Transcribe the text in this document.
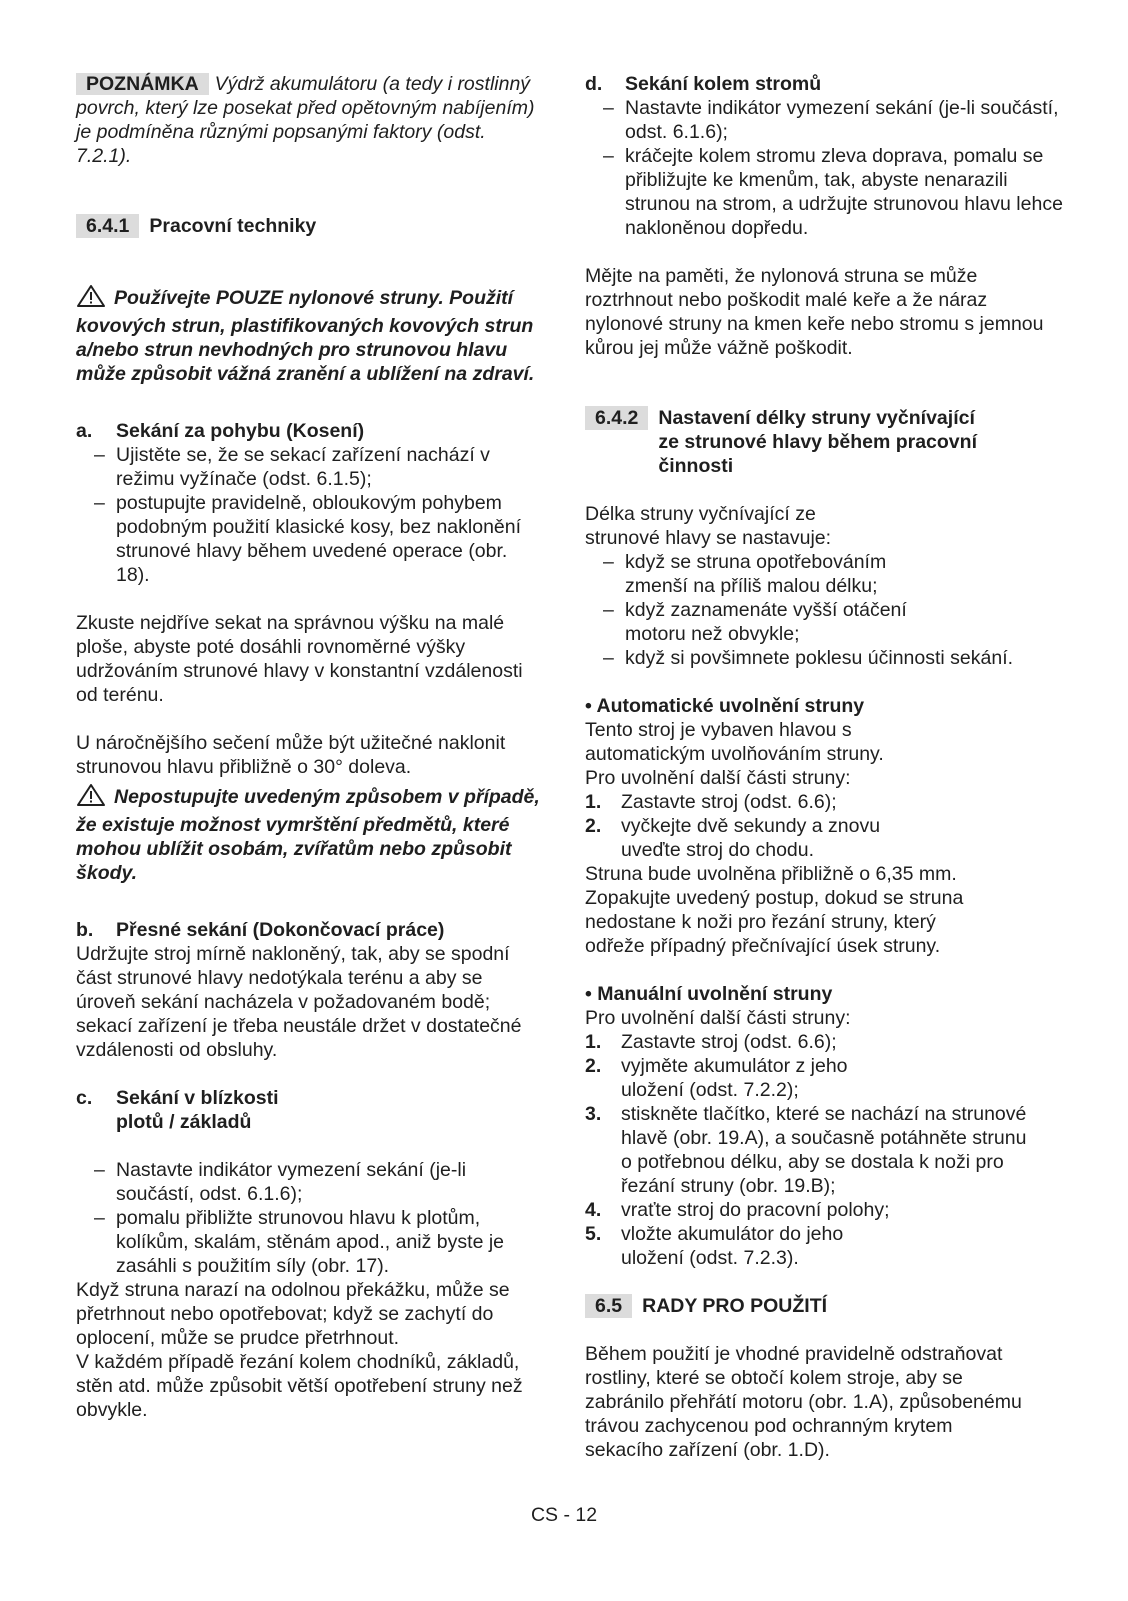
POZNÁMKA Výdrž akumulátoru (a tedy i rostlinný povrch, který lze posekat před opětovným nabíjením) je podmíněna různými popsanými faktory (odst. 7.2.1).

6.4.1	Pracovní techniky

Používejte POUZE nylonové struny. Použití kovových strun, plastifikovaných kovových strun a/nebo strun nevhodných pro strunovou hlavu může způsobit vážná zranění a ublížení na zdraví.

a.	Sekání za pohybu (Kosení)
– Ujistěte se, že se sekací zařízení nachází v režimu vyžínače (odst. 6.1.5);
– postupujte pravidelně, obloukovým pohybem podobným použití klasické kosy, bez naklonění strunové hlavy během uvedené operace (obr. 18).

Zkuste nejdříve sekat na správnou výšku na malé ploše, abyste poté dosáhli rovnoměrné výšky udržováním strunové hlavy v konstantní vzdálenosti od terénu.

U náročnějšího sečení může být užitečné naklonit strunovou hlavu přibližně o 30° doleva.

Nepostupujte uvedeným způsobem v případě, že existuje možnost vymrštění předmětů, které mohou ublížit osobám, zvířatům nebo způsobit škody.

b.	Přesné sekání (Dokončovací práce)

Udržujte stroj mírně nakloněný, tak, aby se spodní část strunové hlavy nedotýkala terénu a aby se úroveň sekání nacházela v požadovaném bodě; sekací zařízení je třeba neustále držet v dostatečné vzdálenosti od obsluhy.

c.	Sekání v blízkosti plotů / základů
– Nastavte indikátor vymezení sekání (je-li součástí, odst. 6.1.6);
– pomalu přibližte strunovou hlavu k plotům, kolíkům, skalám, stěnám apod., aniž byste je zasáhli s použitím síly (obr. 17).

Když struna narazí na odolnou překážku, může se přetrhnout nebo opotřebovat; když se zachytí do oplocení, může se prudce přetrhnout.

V každém případě řezání kolem chodníků, základů, stěn atd. může způsobit větší opotřebení struny než obvykle.

d.	Sekání kolem stromů
– Nastavte indikátor vymezení sekání (je-li součástí, odst. 6.1.6);
– kráčejte kolem stromu zleva doprava, pomalu se přibližujte ke kmenům, tak, abyste nenarazili strunou na strom, a udržujte strunovou hlavu lehce nakloněnou dopředu.

Mějte na paměti, že nylonová struna se může roztrhnout nebo poškodit malé keře a že náraz nylonové struny na kmen keře nebo stromu s jemnou kůrou jej může vážně poškodit.

6.4.2	Nastavení délky struny vyčnívající ze strunové hlavy během pracovní činnosti

Délka struny vyčnívající ze strunové hlavy se nastavuje:

– když se struna opotřebováním zmenší na příliš malou délku;
– když zaznamenáte vyšší otáčení motoru než obvykle;
– když si povšimnete poklesu účinnosti sekání.

• Automatické uvolnění struny

Tento stroj je vybaven hlavou s automatickým uvolňováním struny.

Pro uvolnění další části struny:

1.	Zastavte stroj (odst. 6.6);
2.	vyčkejte dvě sekundy a znovu uveďte stroj do chodu.

Struna bude uvolněna přibližně o 6,35 mm. Zopakujte uvedený postup, dokud se struna nedostane k noži pro řezání struny, který odřeže případný přečnívající úsek struny.

• Manuální uvolnění struny

Pro uvolnění další části struny:

1.	Zastavte stroj (odst. 6.6);
2.	vyjměte akumulátor z jeho uložení (odst. 7.2.2);
3.	stiskněte tlačítko, které se nachází na strunové hlavě (obr. 19.A), a současně potáhněte strunu o potřebnou délku, aby se dostala k noži pro řezání struny (obr. 19.B);
4.	vraťte stroj do pracovní polohy;
5.	vložte akumulátor do jeho uložení (odst. 7.2.3).
6.5	RADY PRO POUŽITÍ

Během použití je vhodné pravidelně odstraňovat rostliny, které se obtočí kolem stroje, aby se zabránilo přehřátí motoru (obr. 1.A), způsobenému trávou zachycenou pod ochranným krytem sekacího zařízení (obr. 1.D).

CS - 12
